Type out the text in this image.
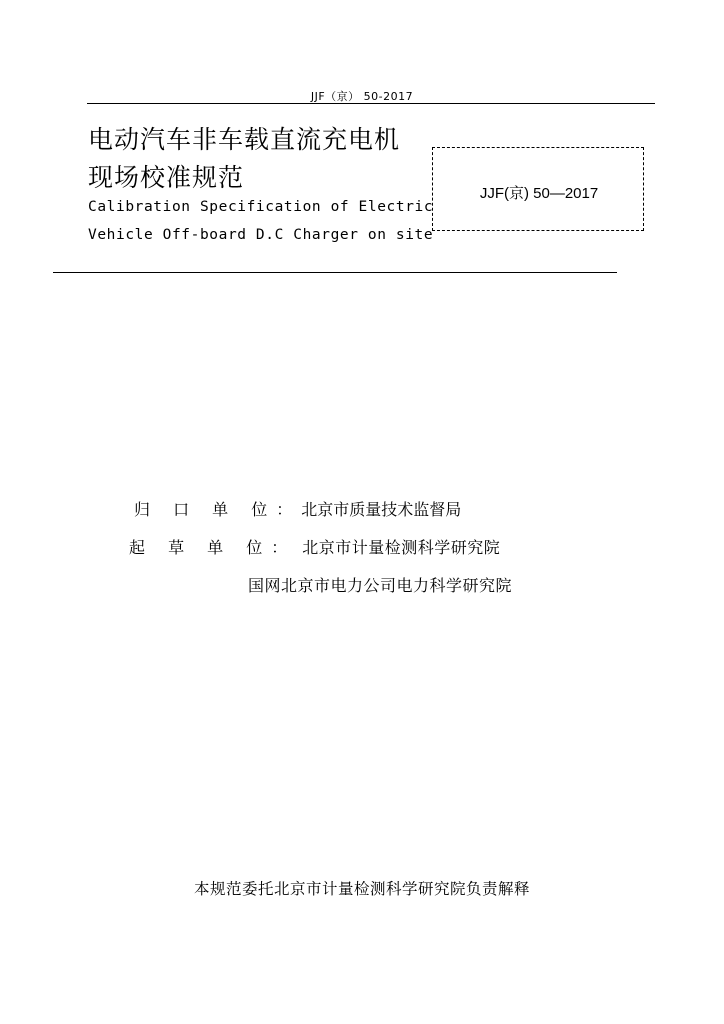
JJF（京） 50-2017
电动汽车非车载直流充电机
现场校准规范
Calibration Specification of Electric
Vehicle Off-board D.C Charger on site
JJF(京) 50—2017
归 口 单 位：北京市质量技术监督局
起 草 单 位： 北京市计量检测科学研究院
国网北京市电力公司电力科学研究院
本规范委托北京市计量检测科学研究院负责解释
